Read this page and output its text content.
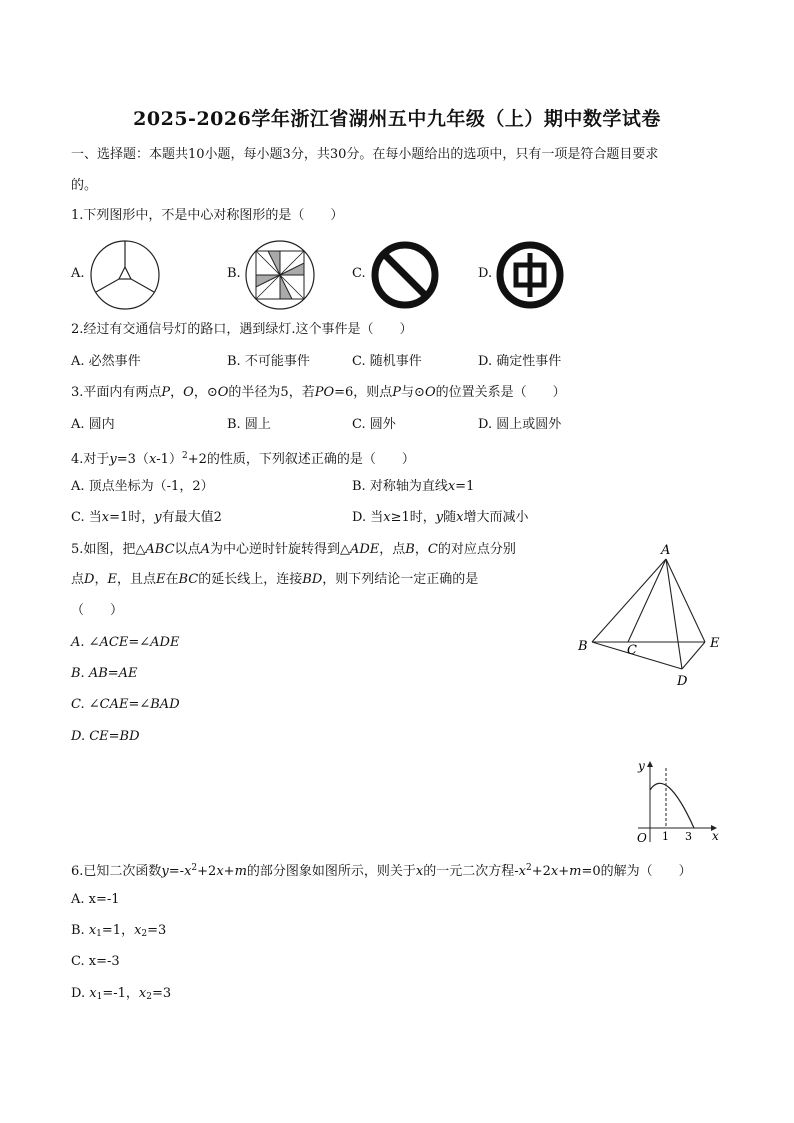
2025-2026学年浙江省湖州五中九年级（上）期中数学试卷
一、选择题：本题共10小题，每小题3分，共30分。在每小题给出的选项中，只有一项是符合题目要求
的。
1.下列图形中，不是中心对称图形的是（　　）
A.	B.	C.	D.
2.经过有交通信号灯的路口，遇到绿灯.这个事件是（　　）
A. 必然事件	B. 不可能事件	C. 随机事件	D. 确定性事件
3.平面内有两点P，O，⊙O的半径为5，若PO=6，则点P与⊙O的位置关系是（　　）
A. 圆内	B. 圆上	C. 圆外	D. 圆上或圆外
4.对于$y=3(x-1)^2+2$的性质，下列叙述正确的是（　　）
A. 顶点坐标为（-1，2）	B. 对称轴为直线x=1
C. 当x=1时，y有最大值2	D. 当x≥1时，y随x增大而减小
5.如图，把△ABC以点A为中心逆时针旋转得到△ADE，点B，C的对应点分别
点D，E，且点E在BC的延长线上，连接BD，则下列结论一定正确的是
（　　）
A. ∠ACE=∠ADE
B. AB=AE
C. ∠CAE=∠BAD
D. CE=BD
A
B	C	E
D
y
x
O 1 3
6.已知二次函数$y=-x^2+2x+m$的部分图象如图所示，则关于x的一元二次方程$-x^2+2x+m=0$的解为（　　）
A. x=-1
B. $x_1=1$，$x_2=3$
C. x=-3
D. $x_1=-1$，$x_2=3$
